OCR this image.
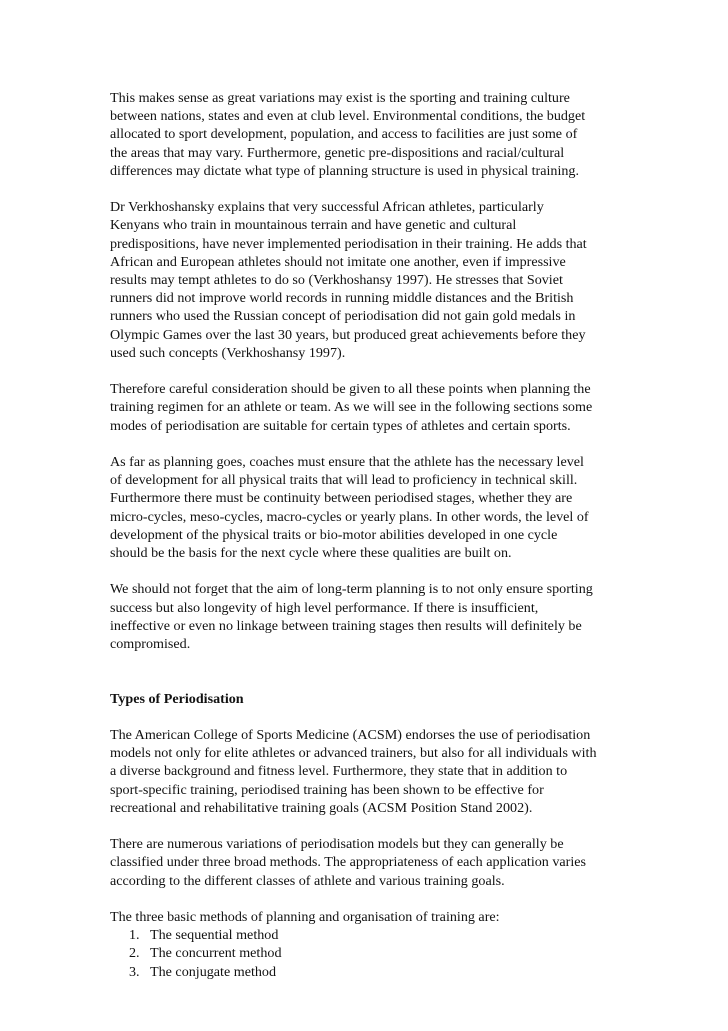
This makes sense as great variations may exist is the sporting and training culture
between nations, states and even at club level. Environmental conditions, the budget
allocated to sport development, population, and access to facilities are just some of
the areas that may vary. Furthermore, genetic pre-dispositions and racial/cultural
differences may dictate what type of planning structure is used in physical training.

Dr Verkhoshansky explains that very successful African athletes, particularly
Kenyans who train in mountainous terrain and have genetic and cultural
predispositions, have never implemented periodisation in their training. He adds that
African and European athletes should not imitate one another, even if impressive
results may tempt athletes to do so (Verkhoshansy 1997). He stresses that Soviet
runners did not improve world records in running middle distances and the British
runners who used the Russian concept of periodisation did not gain gold medals in
Olympic Games over the last 30 years, but produced great achievements before they
used such concepts (Verkhoshansy 1997).

Therefore careful consideration should be given to all these points when planning the
training regimen for an athlete or team. As we will see in the following sections some
modes of periodisation are suitable for certain types of athletes and certain sports.

As far as planning goes, coaches must ensure that the athlete has the necessary level
of development for all physical traits that will lead to proficiency in technical skill.
Furthermore there must be continuity between periodised stages, whether they are
micro-cycles, meso-cycles, macro-cycles or yearly plans. In other words, the level of
development of the physical traits or bio-motor abilities developed in one cycle
should be the basis for the next cycle where these qualities are built on.

We should not forget that the aim of long-term planning is to not only ensure sporting
success but also longevity of high level performance. If there is insufficient,
ineffective or even no linkage between training stages then results will definitely be
compromised.

Types of Periodisation

The American College of Sports Medicine (ACSM) endorses the use of periodisation
models not only for elite athletes or advanced trainers, but also for all individuals with
a diverse background and fitness level. Furthermore, they state that in addition to
sport-specific training, periodised training has been shown to be effective for
recreational and rehabilitative training goals (ACSM Position Stand 2002).

There are numerous variations of periodisation models but they can generally be
classified under three broad methods. The appropriateness of each application varies
according to the different classes of athlete and various training goals.

The three basic methods of planning and organisation of training are:

1. The sequential method
2. The concurrent method
3. The conjugate method
